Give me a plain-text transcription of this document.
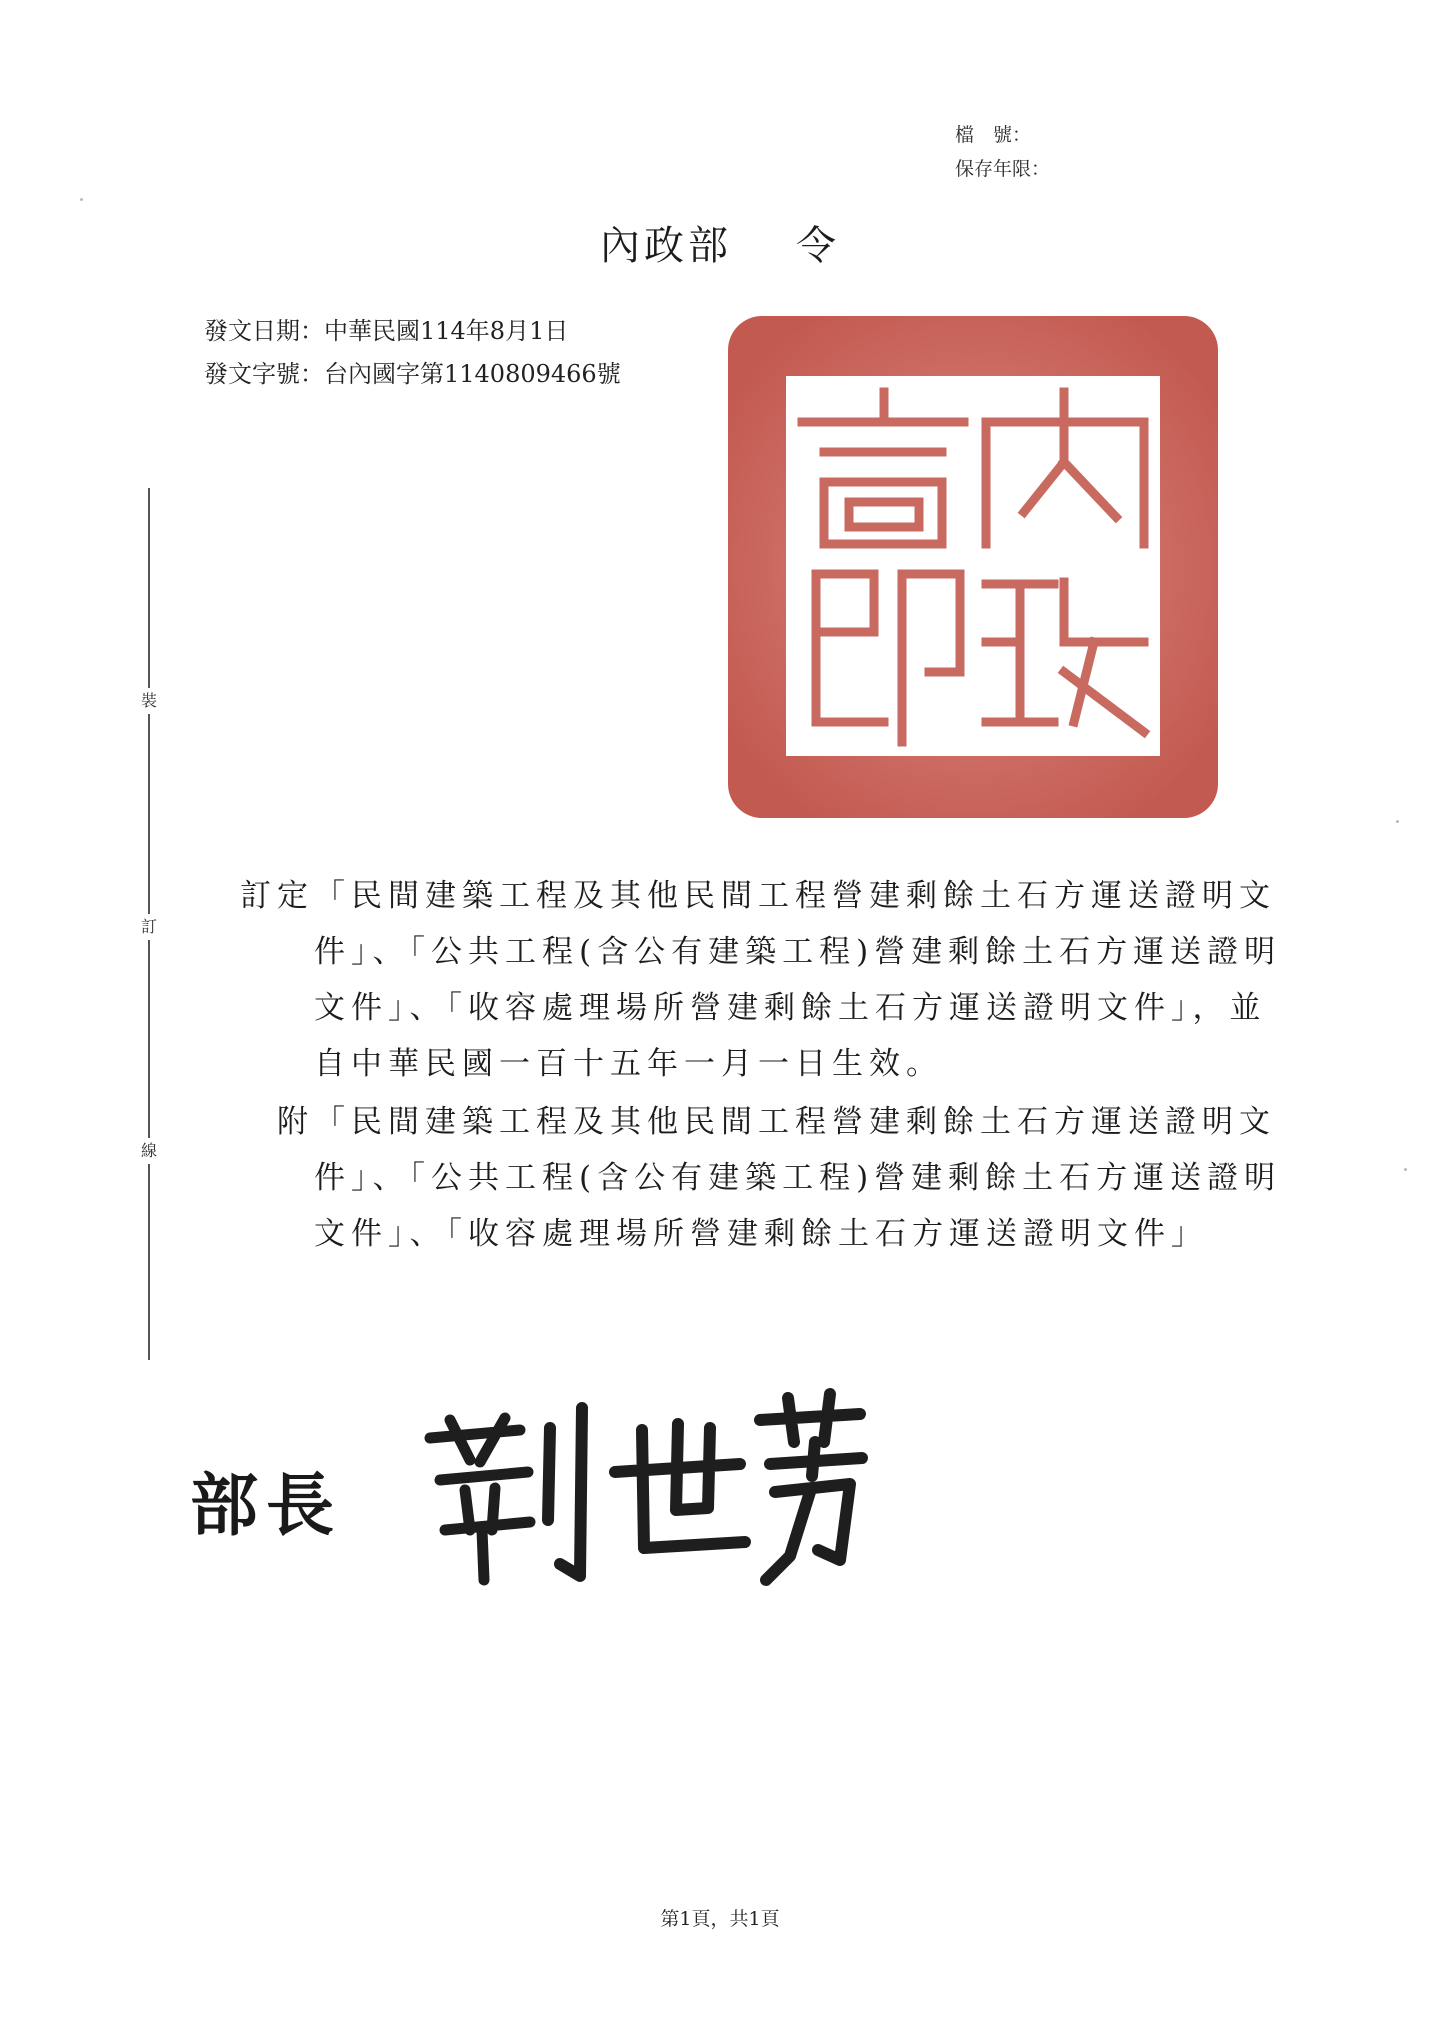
檔　號：
保存年限：
內政部 令
發文日期：中華民國114年8月1日
發文字號：台內國字第1140809466號
裝
訂
線

訂定「民間建築工程及其他民間工程營建剩餘土石方運送證明文件」、「公共工程(含公有建築工程)營建剩餘土石方運送證明文件」、「收容處理場所營建剩餘土石方運送證明文件」，並自中華民國一百十五年一月一日生效。

附「民間建築工程及其他民間工程營建剩餘土石方運送證明文件」、「公共工程(含公有建築工程)營建剩餘土石方運送證明文件」、「收容處理場所營建剩餘土石方運送證明文件」

部長
第1頁，共1頁
